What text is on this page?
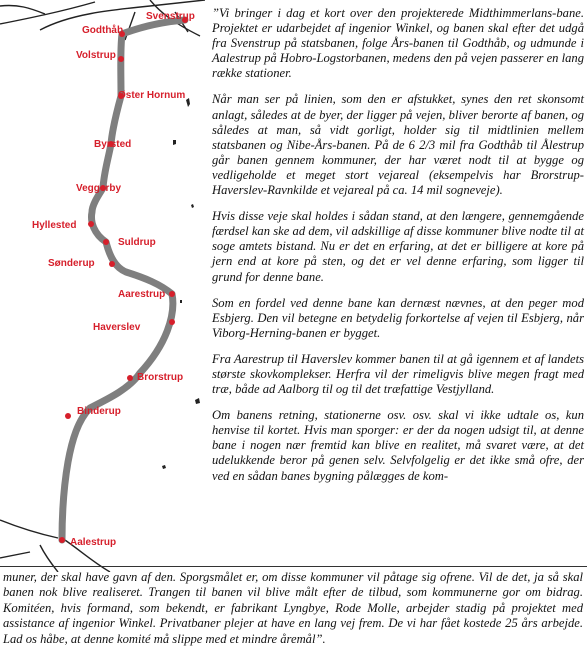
Svenstrup
Godthåb
Volstrup
Øster Hornum
Byrsted
Veggerby
Hyllested
Suldrup
Sønderup
Aarestrup
Haverslev
Brorstrup
Binderup
Aalestrup

”Vi bringer i dag et kort over den projekterede Midthimmerlans-bane. Projektet er udarbejdet af ingenior Winkel, og banen skal efter det udgå fra Svenstrup på statsbanen, folge Års-banen til Godthåb, og udmunde i Aalestrup på Hobro-Logstorbanen, medens den på vejen passerer en lang række stationer.

Når man ser på linien, som den er afstukket, synes den ret skonsomt anlagt, således at de byer, der ligger på vejen, bliver berorte af banen, og således at man, så vidt gorligt, holder sig til midtlinien mellem statsbanen og Nibe-Års-banen. På de 6 2/3 mil fra Godthåb til Ålestrup går banen gennem kommuner, der har været nodt til at bygge og vedligeholde et meget stort vejareal (eksempelvis har Brorstrup-Haverslev-Ravnkilde et vejareal på ca. 14 mil sogneveje).

Hvis disse veje skal holdes i sådan stand, at den længere, gennemgående færdsel kan ske ad dem, vil adskillige af disse kommuner blive nodte til at soge amtets bistand. Nu er det en erfaring, at det er billigere at kore på jern end at kore på sten, og det er vel denne erfaring, som ligger til grund for denne bane.

Som en fordel ved denne bane kan dernæst nævnes, at den peger mod Esbjerg. Den vil betegne en betydelig forkortelse af vejen til Esbjerg, når Viborg-Herning-banen er bygget.

Fra Aarestrup til Haverslev kommer banen til at gå igennem et af landets største skovkomplekser. Herfra vil der rimeligvis blive megen fragt med træ, både ad Aalborg til og til det træfattige Vestjylland.

Om banens retning, stationerne osv. osv. skal vi ikke udtale os, kun henvise til kortet. Hvis man sporger: er der da nogen udsigt til, at denne bane i nogen nær fremtid kan blive en realitet, må svaret være, at det udelukkende beror på genen selv. Selvfolgelig er det ikke små ofre, der ved en sådan banes bygning pålægges de kom-

muner, der skal have gavn af den. Sporgsmålet er, om disse kommuner vil påtage sig ofrene. Vil de det, ja så skal banen nok blive realiseret. Trangen til banen vil blive målt efter de tilbud, som kommunerne gor om bidrag. Komitéen, hvis formand, som bekendt, er fabrikant Lyngbye, Rode Molle, arbejder stadig på projektet med assistance af ingenior Winkel. Privatbaner plejer at have en lang vej frem. De vi har fået kostede 25 års arbejde. Lad os håbe, at denne komité må slippe med et mindre åremål”.
